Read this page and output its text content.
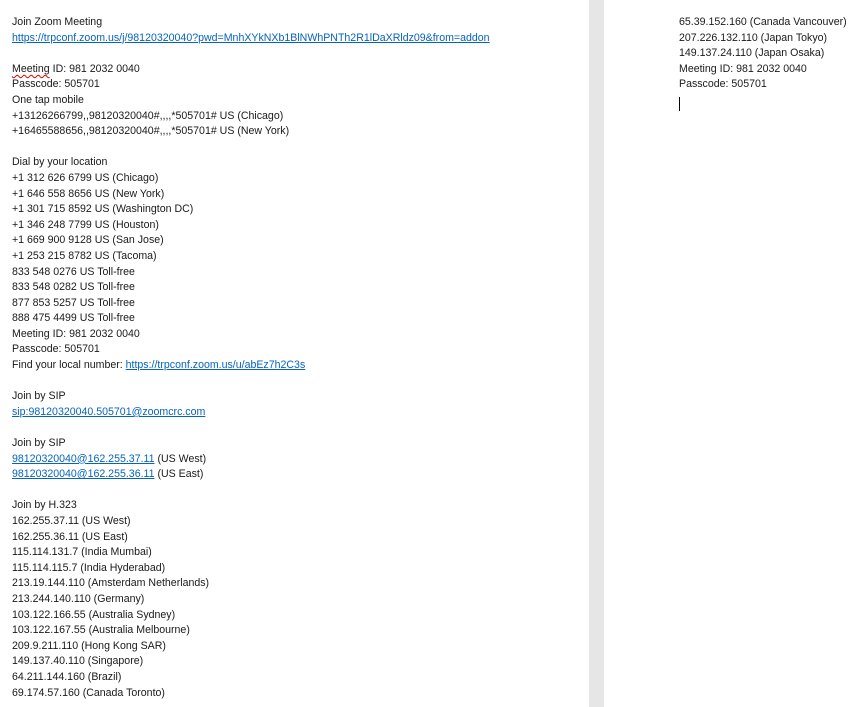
Join Zoom Meeting
https://trpconf.zoom.us/j/98120320040?pwd=MnhXYkNXb1BlNWhPNTh2R1lDaXRldz09&from=addon
Meeting ID: 981 2032 0040
Passcode: 505701
One tap mobile
+13126266799,,98120320040#,,,,*505701# US (Chicago)
+16465588656,,98120320040#,,,,*505701# US (New York)
Dial by your location
+1 312 626 6799 US (Chicago)
+1 646 558 8656 US (New York)
+1 301 715 8592 US (Washington DC)
+1 346 248 7799 US (Houston)
+1 669 900 9128 US (San Jose)
+1 253 215 8782 US (Tacoma)
833 548 0276 US Toll-free
833 548 0282 US Toll-free
877 853 5257 US Toll-free
888 475 4499 US Toll-free
Meeting ID: 981 2032 0040
Passcode: 505701
Find your local number: https://trpconf.zoom.us/u/abEz7h2C3s
Join by SIP
sip:98120320040.505701@zoomcrc.com
Join by SIP
98120320040@162.255.37.11 (US West)
98120320040@162.255.36.11 (US East)
Join by H.323
162.255.37.11 (US West)
162.255.36.11 (US East)
115.114.131.7 (India Mumbai)
115.114.115.7 (India Hyderabad)
213.19.144.110 (Amsterdam Netherlands)
213.244.140.110 (Germany)
103.122.166.55 (Australia Sydney)
103.122.167.55 (Australia Melbourne)
209.9.211.110 (Hong Kong SAR)
149.137.40.110 (Singapore)
64.211.144.160 (Brazil)
69.174.57.160 (Canada Toronto)
65.39.152.160 (Canada Vancouver)
207.226.132.110 (Japan Tokyo)
149.137.24.110 (Japan Osaka)
Meeting ID: 981 2032 0040
Passcode: 505701
